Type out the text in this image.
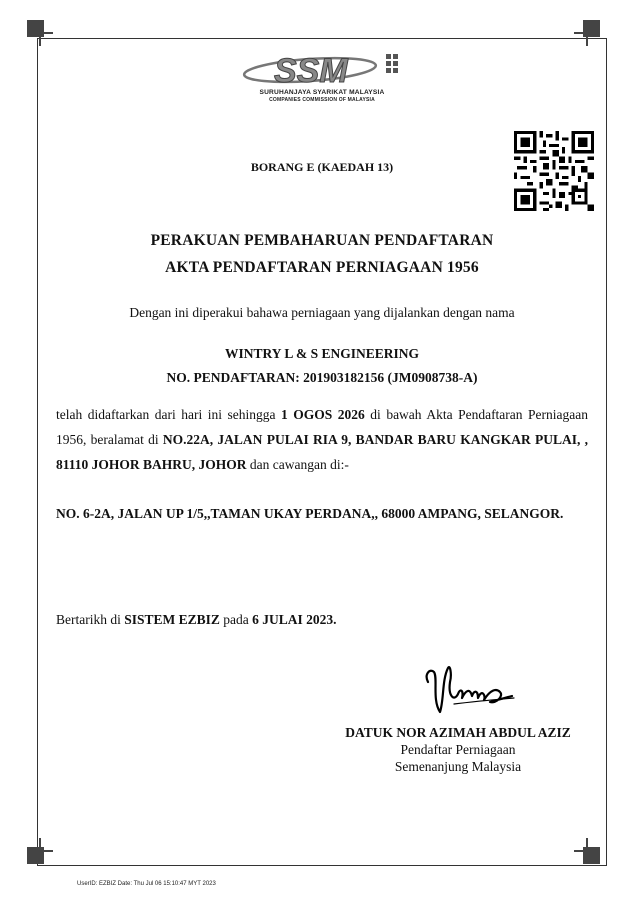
SSM
SURUHANJAYA SYARIKAT MALAYSIA
COMPANIES COMMISSION OF MALAYSIA
BORANG E (KAEDAH 13)
PERAKUAN PEMBAHARUAN PENDAFTARAN
AKTA PENDAFTARAN PERNIAGAAN 1956
Dengan ini diperakui bahawa perniagaan yang dijalankan dengan nama
WINTRY L & S ENGINEERING
NO. PENDAFTARAN: 201903182156 (JM0908738-A)
telah didaftarkan dari hari ini sehingga 1 OGOS 2026 di bawah Akta Pendaftaran Perniagaan 1956, beralamat di NO.22A, JALAN PULAI RIA 9, BANDAR BARU KANGKAR PULAI, , 81110 JOHOR BAHRU, JOHOR dan cawangan di:-
NO. 6-2A, JALAN UP 1/5,,TAMAN UKAY PERDANA,, 68000 AMPANG, SELANGOR.
Bertarikh di SISTEM EZBIZ pada 6 JULAI 2023.
DATUK NOR AZIMAH ABDUL AZIZ
Pendaftar Perniagaan
Semenanjung Malaysia
UserID: EZBIZ Date: Thu Jul 06 15:10:47 MYT 2023
